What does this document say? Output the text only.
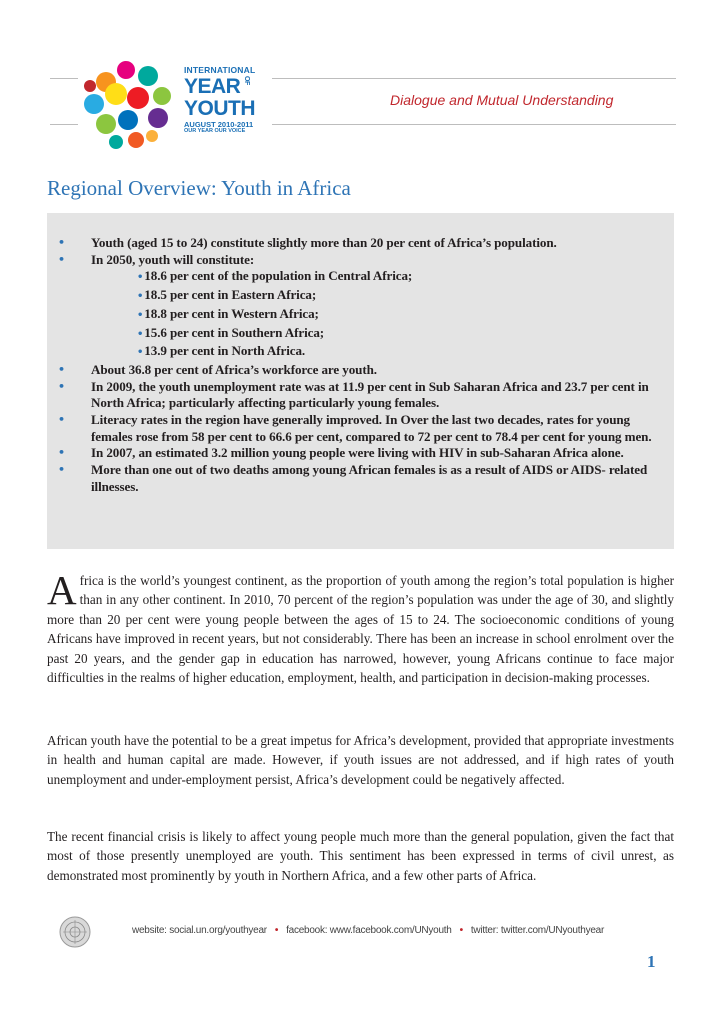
INTERNATIONAL
YEAR OF
YOUTH
AUGUST 2010-2011
OUR YEAR OUR VOICE
Dialogue and Mutual Understanding
Regional Overview: Youth in Africa
• Youth (aged 15 to 24) constitute slightly more than 20 per cent of Africa’s population.
• In 2050, youth will constitute:
•18.6 per cent of the population in Central Africa;
•18.5 per cent in Eastern Africa;
•18.8 per cent in Western Africa;
•15.6 per cent in Southern Africa;
•13.9 per cent in North Africa.
• About 36.8 per cent of Africa’s workforce are youth.
• In 2009, the youth unemployment rate was at 11.9 per cent in Sub Saharan Africa and 23.7 per cent in North Africa; particularly affecting particularly young females.
• Literacy rates in the region have generally improved. In Over the last two decades, rates for young females rose from 58 per cent to 66.6 per cent, compared to 72 per cent to 78.4 per cent for young men.
• In 2007, an estimated 3.2 million young people were living with HIV in sub-Saharan Africa alone.
• More than one out of two deaths among young African females is as a result of AIDS or AIDS- related illnesses.

Africa is the world’s youngest continent, as the proportion of youth among the region’s total population is higher than in any other continent. In 2010, 70 percent of the region’s population was under the age of 30, and slightly more than 20 per cent were young people between the ages of 15 to 24. The socioeconomic conditions of young Africans have improved in recent years, but not considerably. There has been an increase in school enrolment over the past 20 years, and the gender gap in education has narrowed, however, young Africans continue to face major difficulties in the realms of higher education, employment, health, and participation in decision-making processes.

African youth have the potential to be a great impetus for Africa’s development, provided that appropriate investments in health and human capital are made. However, if youth issues are not addressed, and if high rates of youth unemployment and under-employment persist, Africa’s development could be negatively affected.

The recent financial crisis is likely to affect young people much more than the general population, given the fact that most of those presently unemployed are youth. This sentiment has been expressed in terms of civil unrest, as demonstrated most prominently by youth in Northern Africa, and a few other parts of Africa.

website: social.un.org/youthyear • facebook: www.facebook.com/UNyouth • twitter: twitter.com/UNyouthyear
1
